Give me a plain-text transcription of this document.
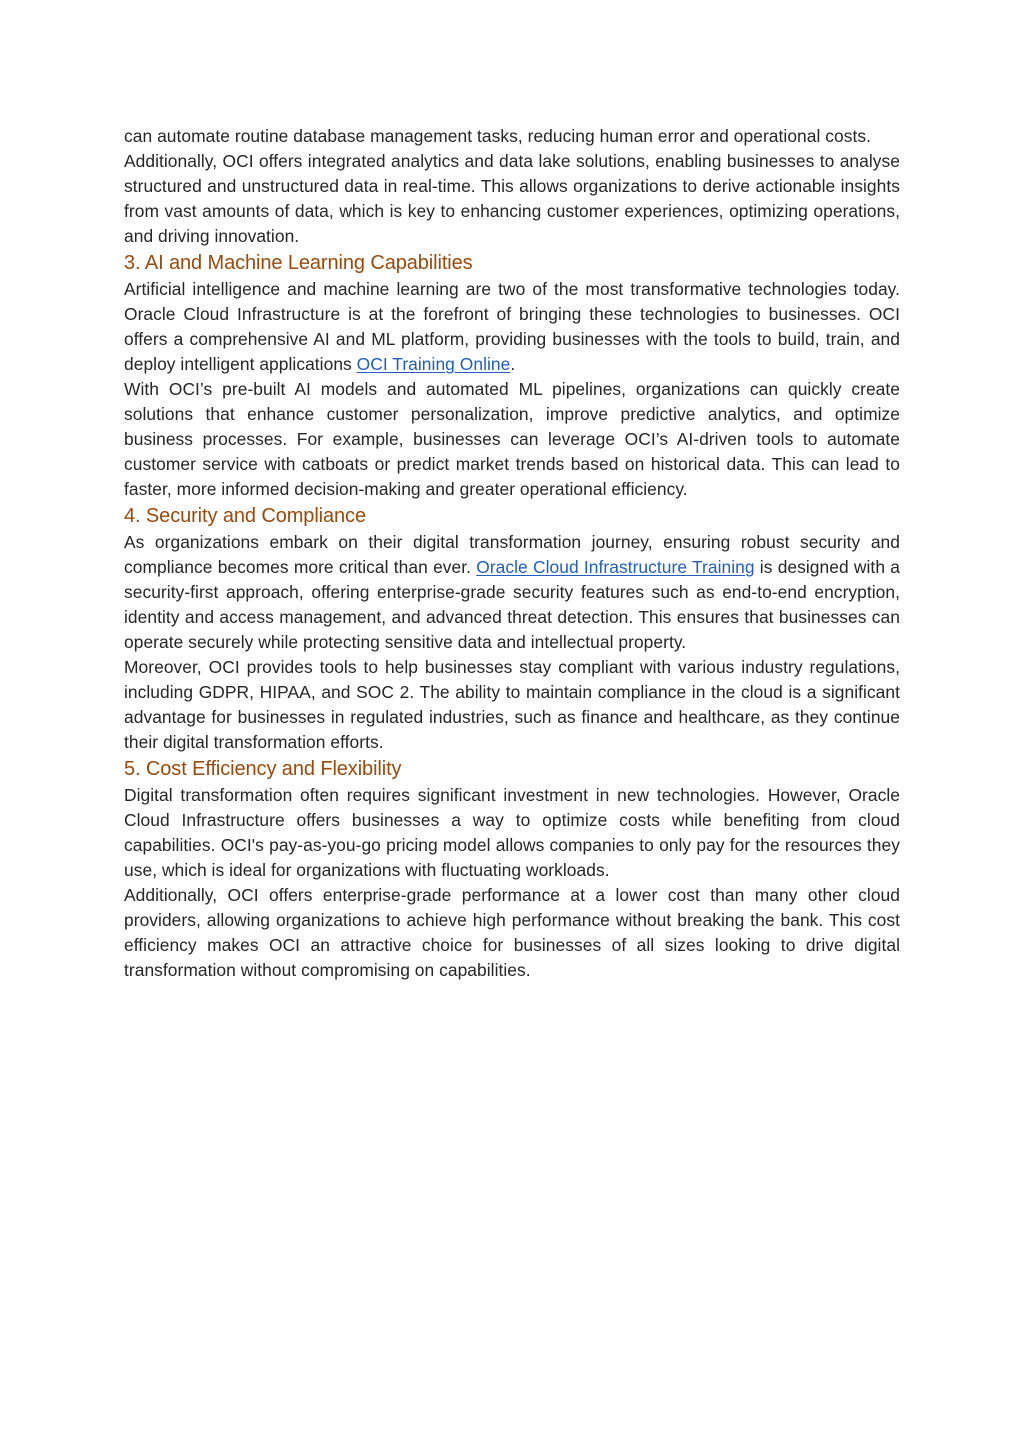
can automate routine database management tasks, reducing human error and operational costs.

Additionally, OCI offers integrated analytics and data lake solutions, enabling businesses to analyse structured and unstructured data in real-time. This allows organizations to derive actionable insights from vast amounts of data, which is key to enhancing customer experiences, optimizing operations, and driving innovation.

3. AI and Machine Learning Capabilities

Artificial intelligence and machine learning are two of the most transformative technologies today. Oracle Cloud Infrastructure is at the forefront of bringing these technologies to businesses. OCI offers a comprehensive AI and ML platform, providing businesses with the tools to build, train, and deploy intelligent applications OCI Training Online.

With OCI’s pre-built AI models and automated ML pipelines, organizations can quickly create solutions that enhance customer personalization, improve predictive analytics, and optimize business processes. For example, businesses can leverage OCI’s AI-driven tools to automate customer service with catboats or predict market trends based on historical data. This can lead to faster, more informed decision-making and greater operational efficiency.

4. Security and Compliance

As organizations embark on their digital transformation journey, ensuring robust security and compliance becomes more critical than ever. Oracle Cloud Infrastructure Training is designed with a security-first approach, offering enterprise-grade security features such as end-to-end encryption, identity and access management, and advanced threat detection. This ensures that businesses can operate securely while protecting sensitive data and intellectual property.

Moreover, OCI provides tools to help businesses stay compliant with various industry regulations, including GDPR, HIPAA, and SOC 2. The ability to maintain compliance in the cloud is a significant advantage for businesses in regulated industries, such as finance and healthcare, as they continue their digital transformation efforts.

5. Cost Efficiency and Flexibility

Digital transformation often requires significant investment in new technologies. However, Oracle Cloud Infrastructure offers businesses a way to optimize costs while benefiting from cloud capabilities. OCI's pay-as-you-go pricing model allows companies to only pay for the resources they use, which is ideal for organizations with fluctuating workloads.

Additionally, OCI offers enterprise-grade performance at a lower cost than many other cloud providers, allowing organizations to achieve high performance without breaking the bank. This cost efficiency makes OCI an attractive choice for businesses of all sizes looking to drive digital transformation without compromising on capabilities.
